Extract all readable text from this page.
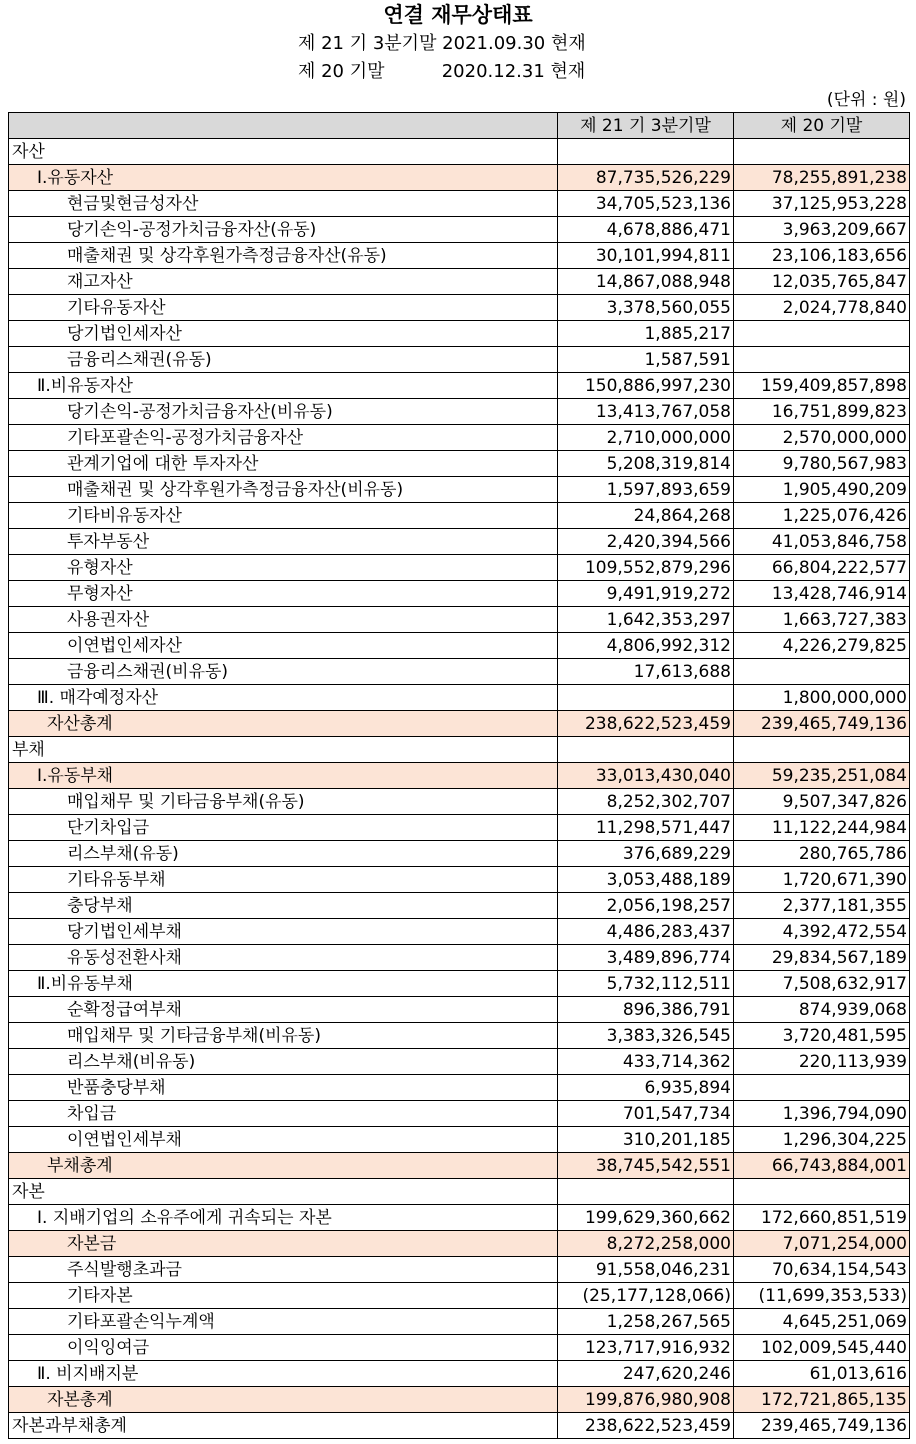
연결 재무상태표
제 21 기 3분기말 2021.09.30 현재
제 20 기말          2020.12.31 현재
(단위 : 원)
	제 21 기 3분기말	제 20 기말
자산		
Ⅰ.유동자산	87,735,526,229	78,255,891,238
현금및현금성자산	34,705,523,136	37,125,953,228
당기손익-공정가치금융자산(유동)	4,678,886,471	3,963,209,667
매출채권 및 상각후원가측정금융자산(유동)	30,101,994,811	23,106,183,656
재고자산	14,867,088,948	12,035,765,847
기타유동자산	3,378,560,055	2,024,778,840
당기법인세자산	1,885,217	
금융리스채권(유동)	1,587,591	
Ⅱ.비유동자산	150,886,997,230	159,409,857,898
당기손익-공정가치금융자산(비유동)	13,413,767,058	16,751,899,823
기타포괄손익-공정가치금융자산	2,710,000,000	2,570,000,000
관계기업에 대한 투자자산	5,208,319,814	9,780,567,983
매출채권 및 상각후원가측정금융자산(비유동)	1,597,893,659	1,905,490,209
기타비유동자산	24,864,268	1,225,076,426
투자부동산	2,420,394,566	41,053,846,758
유형자산	109,552,879,296	66,804,222,577
무형자산	9,491,919,272	13,428,746,914
사용권자산	1,642,353,297	1,663,727,383
이연법인세자산	4,806,992,312	4,226,279,825
금융리스채권(비유동)	17,613,688	
Ⅲ. 매각예정자산		1,800,000,000
자산총계	238,622,523,459	239,465,749,136
부채		
Ⅰ.유동부채	33,013,430,040	59,235,251,084
매입채무 및 기타금융부채(유동)	8,252,302,707	9,507,347,826
단기차입금	11,298,571,447	11,122,244,984
리스부채(유동)	376,689,229	280,765,786
기타유동부채	3,053,488,189	1,720,671,390
충당부채	2,056,198,257	2,377,181,355
당기법인세부채	4,486,283,437	4,392,472,554
유동성전환사채	3,489,896,774	29,834,567,189
Ⅱ.비유동부채	5,732,112,511	7,508,632,917
순확정급여부채	896,386,791	874,939,068
매입채무 및 기타금융부채(비유동)	3,383,326,545	3,720,481,595
리스부채(비유동)	433,714,362	220,113,939
반품충당부채	6,935,894	
차입금	701,547,734	1,396,794,090
이연법인세부채	310,201,185	1,296,304,225
부채총계	38,745,542,551	66,743,884,001
자본		
Ⅰ. 지배기업의 소유주에게 귀속되는 자본	199,629,360,662	172,660,851,519
자본금	8,272,258,000	7,071,254,000
주식발행초과금	91,558,046,231	70,634,154,543
기타자본	(25,177,128,066)	(11,699,353,533)
기타포괄손익누계액	1,258,267,565	4,645,251,069
이익잉여금	123,717,916,932	102,009,545,440
Ⅱ. 비지배지분	247,620,246	61,013,616
자본총계	199,876,980,908	172,721,865,135
자본과부채총계	238,622,523,459	239,465,749,136
